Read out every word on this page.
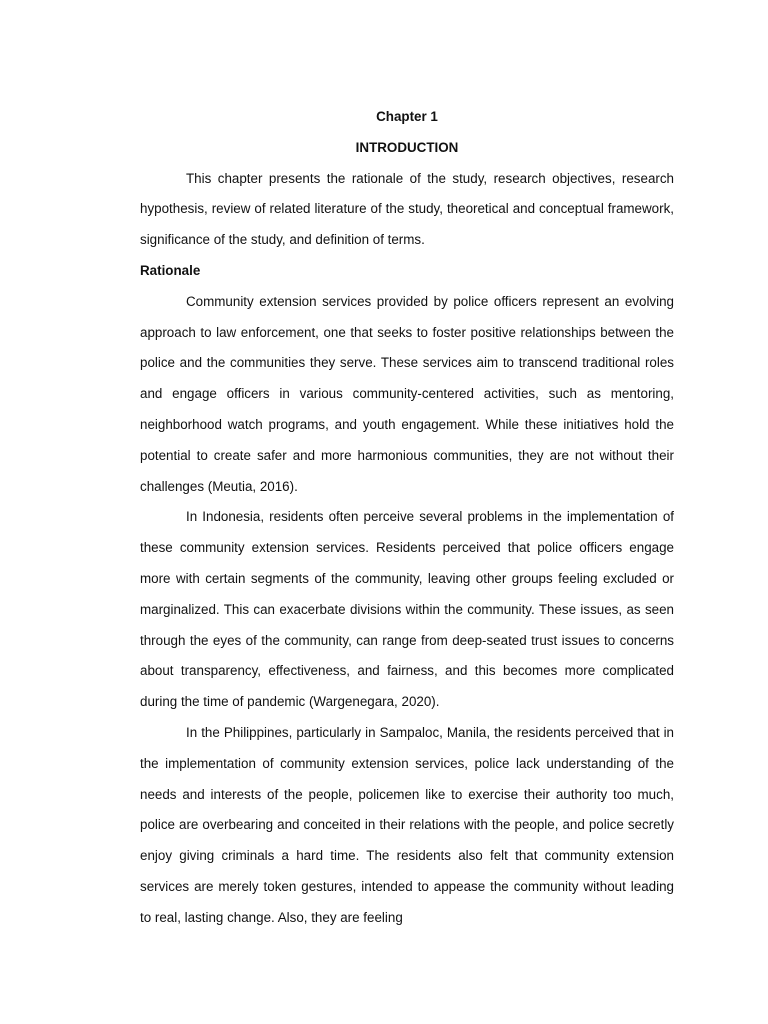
Chapter 1

INTRODUCTION

This chapter presents the rationale of the study, research objectives, research hypothesis, review of related literature of the study, theoretical and conceptual framework, significance of the study, and definition of terms.

Rationale

Community extension services provided by police officers represent an evolving approach to law enforcement, one that seeks to foster positive relationships between the police and the communities they serve. These services aim to transcend traditional roles and engage officers in various community-centered activities, such as mentoring, neighborhood watch programs, and youth engagement. While these initiatives hold the potential to create safer and more harmonious communities, they are not without their challenges (Meutia, 2016).

In Indonesia, residents often perceive several problems in the implementation of these community extension services. Residents perceived that police officers engage more with certain segments of the community, leaving other groups feeling excluded or marginalized. This can exacerbate divisions within the community. These issues, as seen through the eyes of the community, can range from deep-seated trust issues to concerns about transparency, effectiveness, and fairness, and this becomes more complicated during the time of pandemic (Wargenegara, 2020).

In the Philippines, particularly in Sampaloc, Manila, the residents perceived that in the implementation of community extension services, police lack understanding of the needs and interests of the people, policemen like to exercise their authority too much, police are overbearing and conceited in their relations with the people, and police secretly enjoy giving criminals a hard time. The residents also felt that community extension services are merely token gestures, intended to appease the community without leading to real, lasting change. Also, they are feeling
